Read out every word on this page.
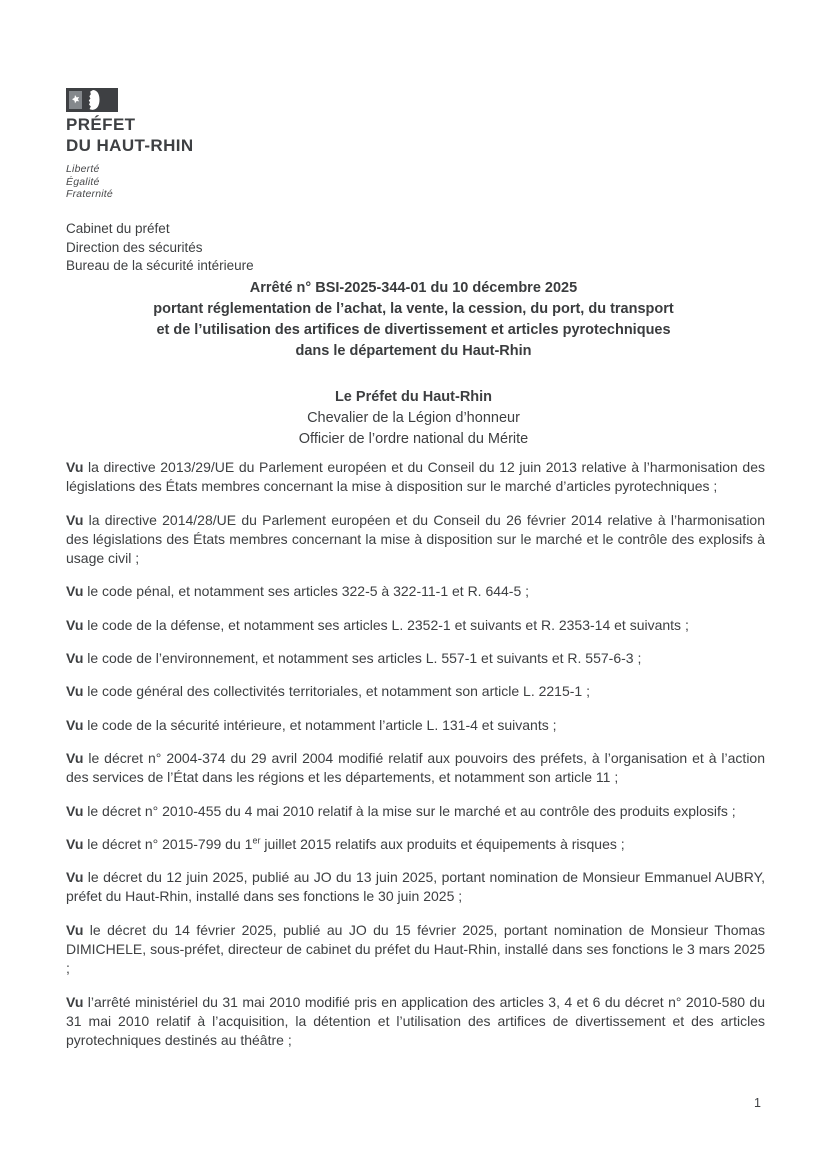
PRÉFET
DU HAUT-RHIN
Liberté
Égalité
Fraternité
Cabinet du préfet
Direction des sécurités
Bureau de la sécurité intérieure
Arrêté n° BSI-2025-344-01 du 10 décembre 2025
portant réglementation de l’achat, la vente, la cession, du port, du transport
et de l’utilisation des artifices de divertissement et articles pyrotechniques
dans le département du Haut-Rhin
Le Préfet du Haut-Rhin
Chevalier de la Légion d’honneur
Officier de l’ordre national du Mérite

Vu la directive 2013/29/UE du Parlement européen et du Conseil du 12 juin 2013 relative à l’harmonisation des législations des États membres concernant la mise à disposition sur le marché d’articles pyrotechniques ;

Vu la directive 2014/28/UE du Parlement européen et du Conseil du 26 février 2014 relative à l’harmonisation des législations des États membres concernant la mise à disposition sur le marché et le contrôle des explosifs à usage civil ;

Vu le code pénal, et notamment ses articles 322-5 à 322-11-1 et R. 644-5 ;

Vu le code de la défense, et notamment ses articles L. 2352-1 et suivants et R. 2353-14 et suivants ;

Vu le code de l’environnement, et notamment ses articles L. 557-1 et suivants et R. 557-6-3 ;

Vu le code général des collectivités territoriales, et notamment son article L. 2215-1 ;

Vu le code de la sécurité intérieure, et notamment l’article L. 131-4 et suivants ;

Vu le décret n° 2004-374 du 29 avril 2004 modifié relatif aux pouvoirs des préfets, à l’organisation et à l’action des services de l’État dans les régions et les départements, et notamment son article 11 ;

Vu le décret n° 2010-455 du 4 mai 2010 relatif à la mise sur le marché et au contrôle des produits explosifs ;

Vu le décret n° 2015-799 du 1er juillet 2015 relatifs aux produits et équipements à risques ;

Vu le décret du 12 juin 2025, publié au JO du 13 juin 2025, portant nomination de Monsieur Emmanuel AUBRY, préfet du Haut-Rhin, installé dans ses fonctions le 30 juin 2025 ;

Vu le décret du 14 février 2025, publié au JO du 15 février 2025, portant nomination de Monsieur Thomas DIMICHELE, sous-préfet, directeur de cabinet du préfet du Haut-Rhin, installé dans ses fonctions le 3 mars 2025 ;

Vu l’arrêté ministériel du 31 mai 2010 modifié pris en application des articles 3, 4 et 6 du décret n° 2010-580 du 31 mai 2010 relatif à l’acquisition, la détention et l’utilisation des artifices de divertissement et des articles pyrotechniques destinés au théâtre ;

1
